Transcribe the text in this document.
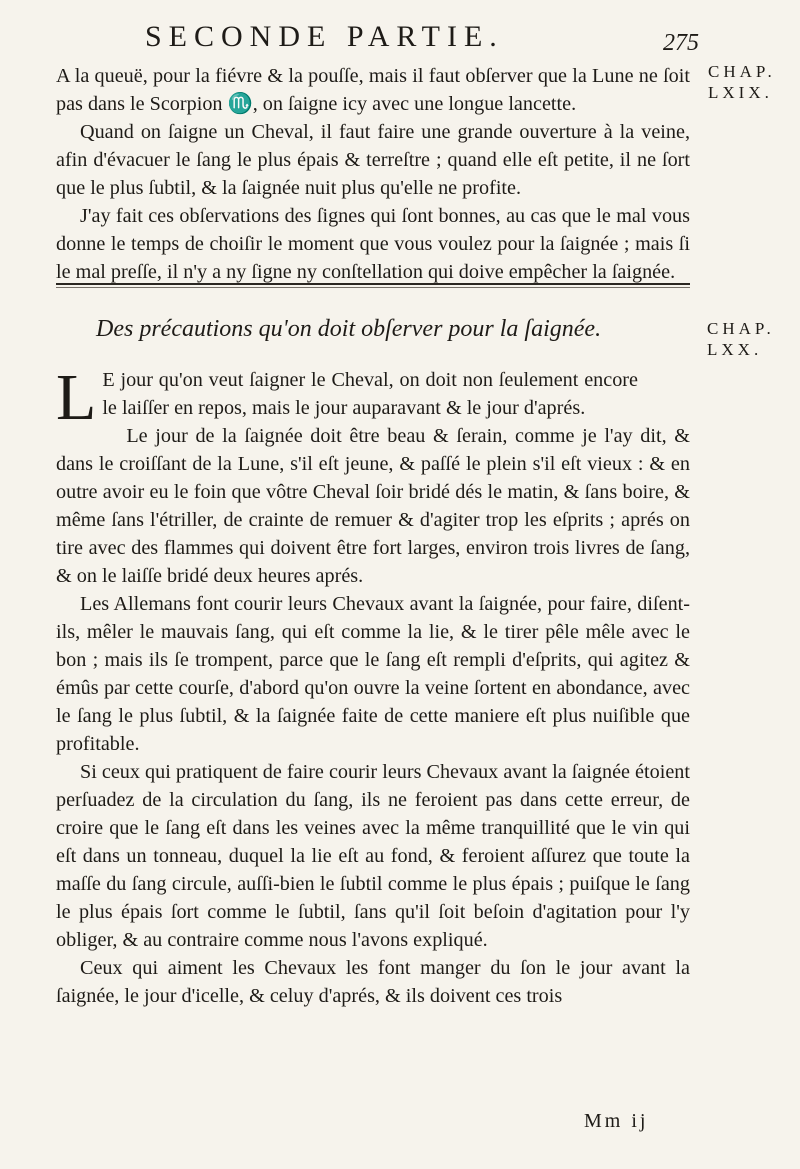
SECONDE PARTIE.	275
CHAP. LXIX.

A la queuë, pour la fiévre & la pouſſe, mais il faut obſerver que la Lune ne ſoit pas dans le Scorpion ♏, on ſaigne icy avec une longue lancette.

Quand on ſaigne un Cheval, il faut faire une grande ouverture à la veine, afin d'évacuer le ſang le plus épais & terreſtre ; quand elle eſt petite, il ne ſort que le plus ſubtil, & la ſaignée nuit plus qu'elle ne profite.

J'ay fait ces obſervations des ſignes qui ſont bonnes, au cas que le mal vous donne le temps de choiſir le moment que vous voulez pour la ſaignée ; mais ſi le mal preſſe, il n'y a ny ſigne ny conſtellation qui doive empêcher la ſaignée.

Des précautions qu'on doit obſerver pour la ſaignée.	CHAP.
LXX.

L E jour qu'on veut ſaigner le Cheval, on doit non ſeulement encore le laiſſer en repos, mais le jour auparavant & le jour d'aprés.

Le jour de la ſaignée doit être beau & ſerain, comme je l'ay dit, & dans le croiſſant de la Lune, s'il eſt jeune, & paſſé le plein s'il eſt vieux : & en outre avoir eu le foin que vôtre Cheval ſoir bridé dés le matin, & ſans boire, & même ſans l'étriller, de crainte de remuer & d'agiter trop les eſprits ; aprés on tire avec des flammes qui doivent être fort larges, environ trois livres de ſang, & on le laiſſe bridé deux heures aprés.

Les Allemans font courir leurs Chevaux avant la ſaignée, pour faire, diſent-ils, mêler le mauvais ſang, qui eſt comme la lie, & le tirer pêle mêle avec le bon ; mais ils ſe trompent, parce que le ſang eſt rempli d'eſprits, qui agitez & émûs par cette courſe, d'abord qu'on ouvre la veine ſortent en abondance, avec le ſang le plus ſubtil, & la ſaignée faite de cette maniere eſt plus nuiſible que profitable.

Si ceux qui pratiquent de faire courir leurs Chevaux avant la ſaignée étoient perſuadez de la circulation du ſang, ils ne feroient pas dans cette erreur, de croire que le ſang eſt dans les veines avec la même tranquillité que le vin qui eſt dans un tonneau, duquel la lie eſt au fond, & feroient aſſurez que toute la maſſe du ſang circule, auſſi-bien le ſubtil comme le plus épais ; puiſque le ſang le plus épais ſort comme le ſubtil, ſans qu'il ſoit beſoin d'agitation pour l'y obliger, & au contraire comme nous l'avons expliqué.

Ceux qui aiment les Chevaux les font manger du ſon le jour avant la ſaignée, le jour d'icelle, & celuy d'aprés, & ils doivent ces trois

Mm ij
